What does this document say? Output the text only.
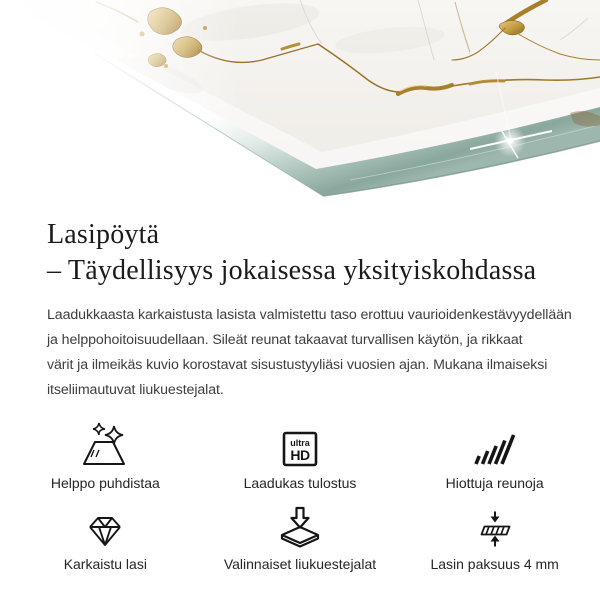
Lasipöytä
– Täydellisyys jokaisessa yksityiskohdassa
Laadukkaasta karkaistusta lasista valmistettu taso erottuu vaurioidenkestävyydellään
ja helppohoitoisuudellaan. Sileät reunat takaavat turvallisen käytön, ja rikkaat
värit ja ilmeikäs kuvio korostavat sisustustyyliäsi vuosien ajan. Mukana ilmaiseksi
itseliimautuvat liukuestejalat.
Helppo puhdistaa
ultra
HD
Laadukas tulostus	Hiottuja reunoja
Karkaistu lasi	Valinnaiset liukuestejalat	Lasin paksuus 4 mm
